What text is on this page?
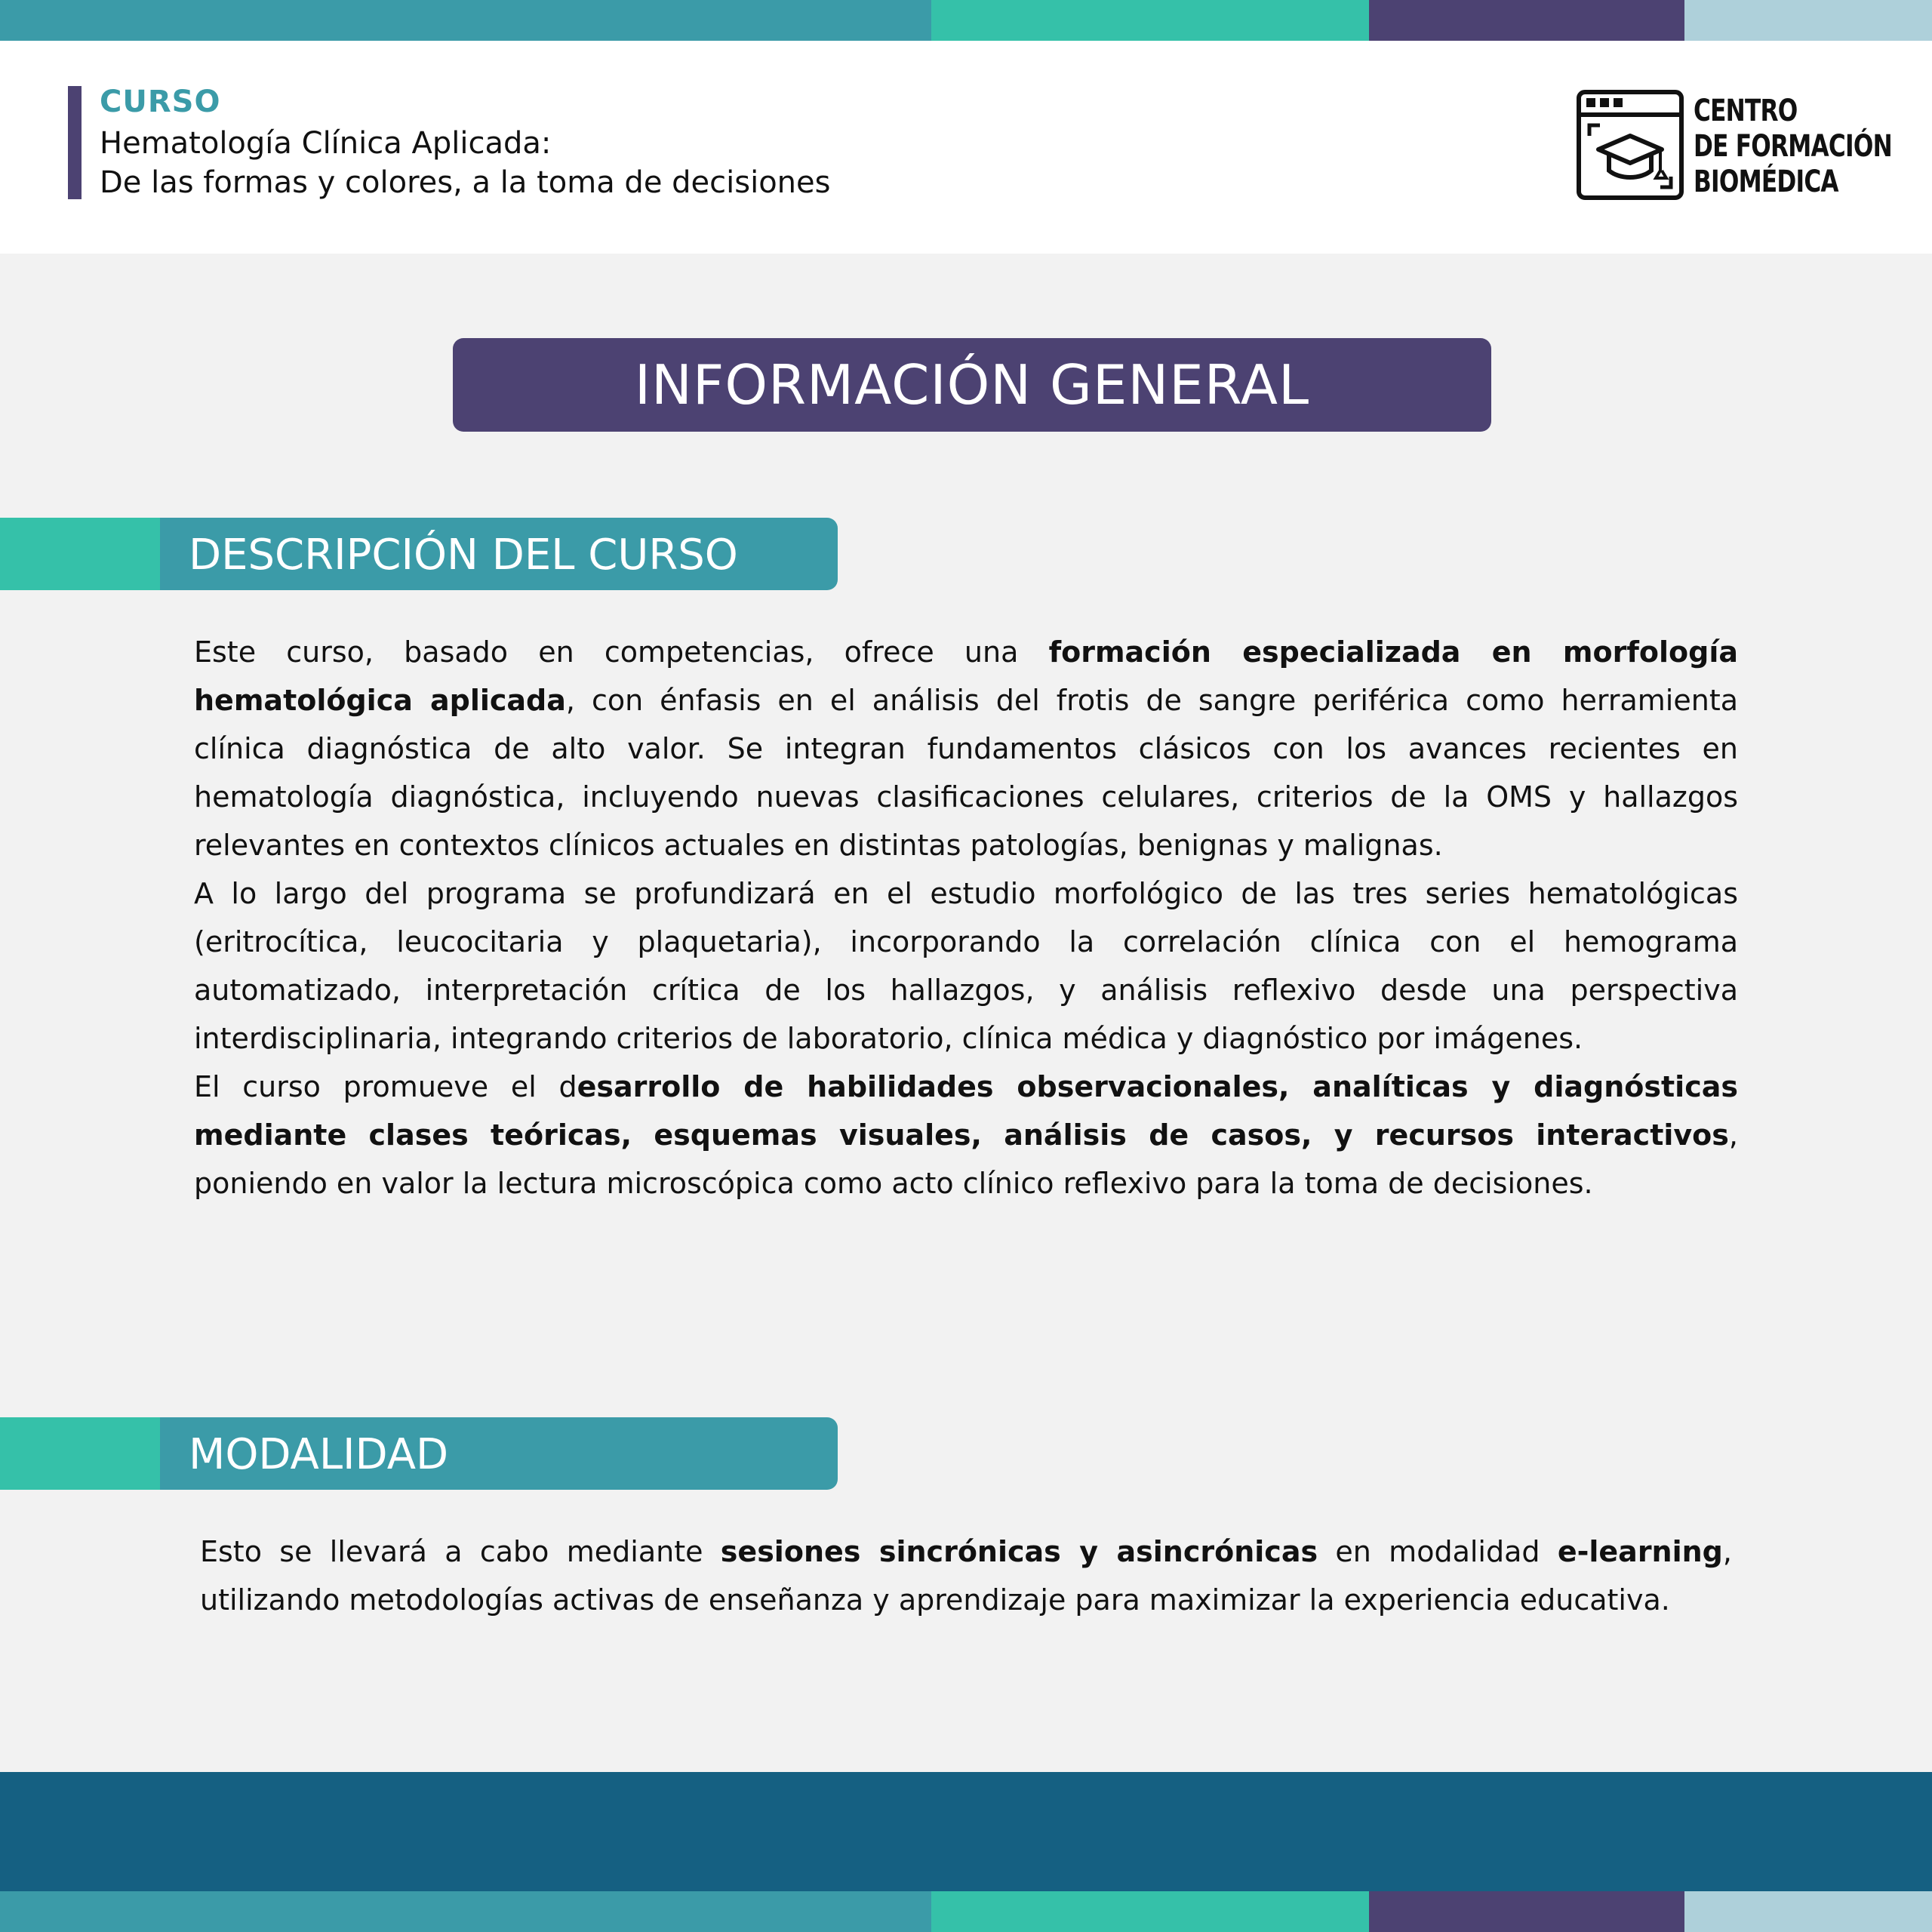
CURSO
Hematología Clínica Aplicada:
De las formas y colores, a la toma de decisiones
CENTRO
DE FORMACIÓN
BIOMÉDICA
INFORMACIÓN GENERAL
DESCRIPCIÓN DEL CURSO

Este curso, basado en competencias, ofrece una formación especializada en morfología hematológica aplicada, con énfasis en el análisis del frotis de sangre periférica como herramienta clínica diagnóstica de alto valor. Se integran fundamentos clásicos con los avances recientes en hematología diagnóstica, incluyendo nuevas clasificaciones celulares, criterios de la OMS y hallazgos relevantes en contextos clínicos actuales en distintas patologías, benignas y malignas.

A lo largo del programa se profundizará en el estudio morfológico de las tres series hematológicas (eritrocítica, leucocitaria y plaquetaria), incorporando la correlación clínica con el hemograma automatizado, interpretación crítica de los hallazgos, y análisis reflexivo desde una perspectiva interdisciplinaria, integrando criterios de laboratorio, clínica médica y diagnóstico por imágenes.

El curso promueve el desarrollo de habilidades observacionales, analíticas y diagnósticas mediante clases teóricas, esquemas visuales, análisis de casos, y recursos interactivos, poniendo en valor la lectura microscópica como acto clínico reflexivo para la toma de decisiones.

MODALIDAD

Esto se llevará a cabo mediante sesiones sincrónicas y asincrónicas en modalidad e-learning, utilizando metodologías activas de enseñanza y aprendizaje para maximizar la experiencia educativa.
